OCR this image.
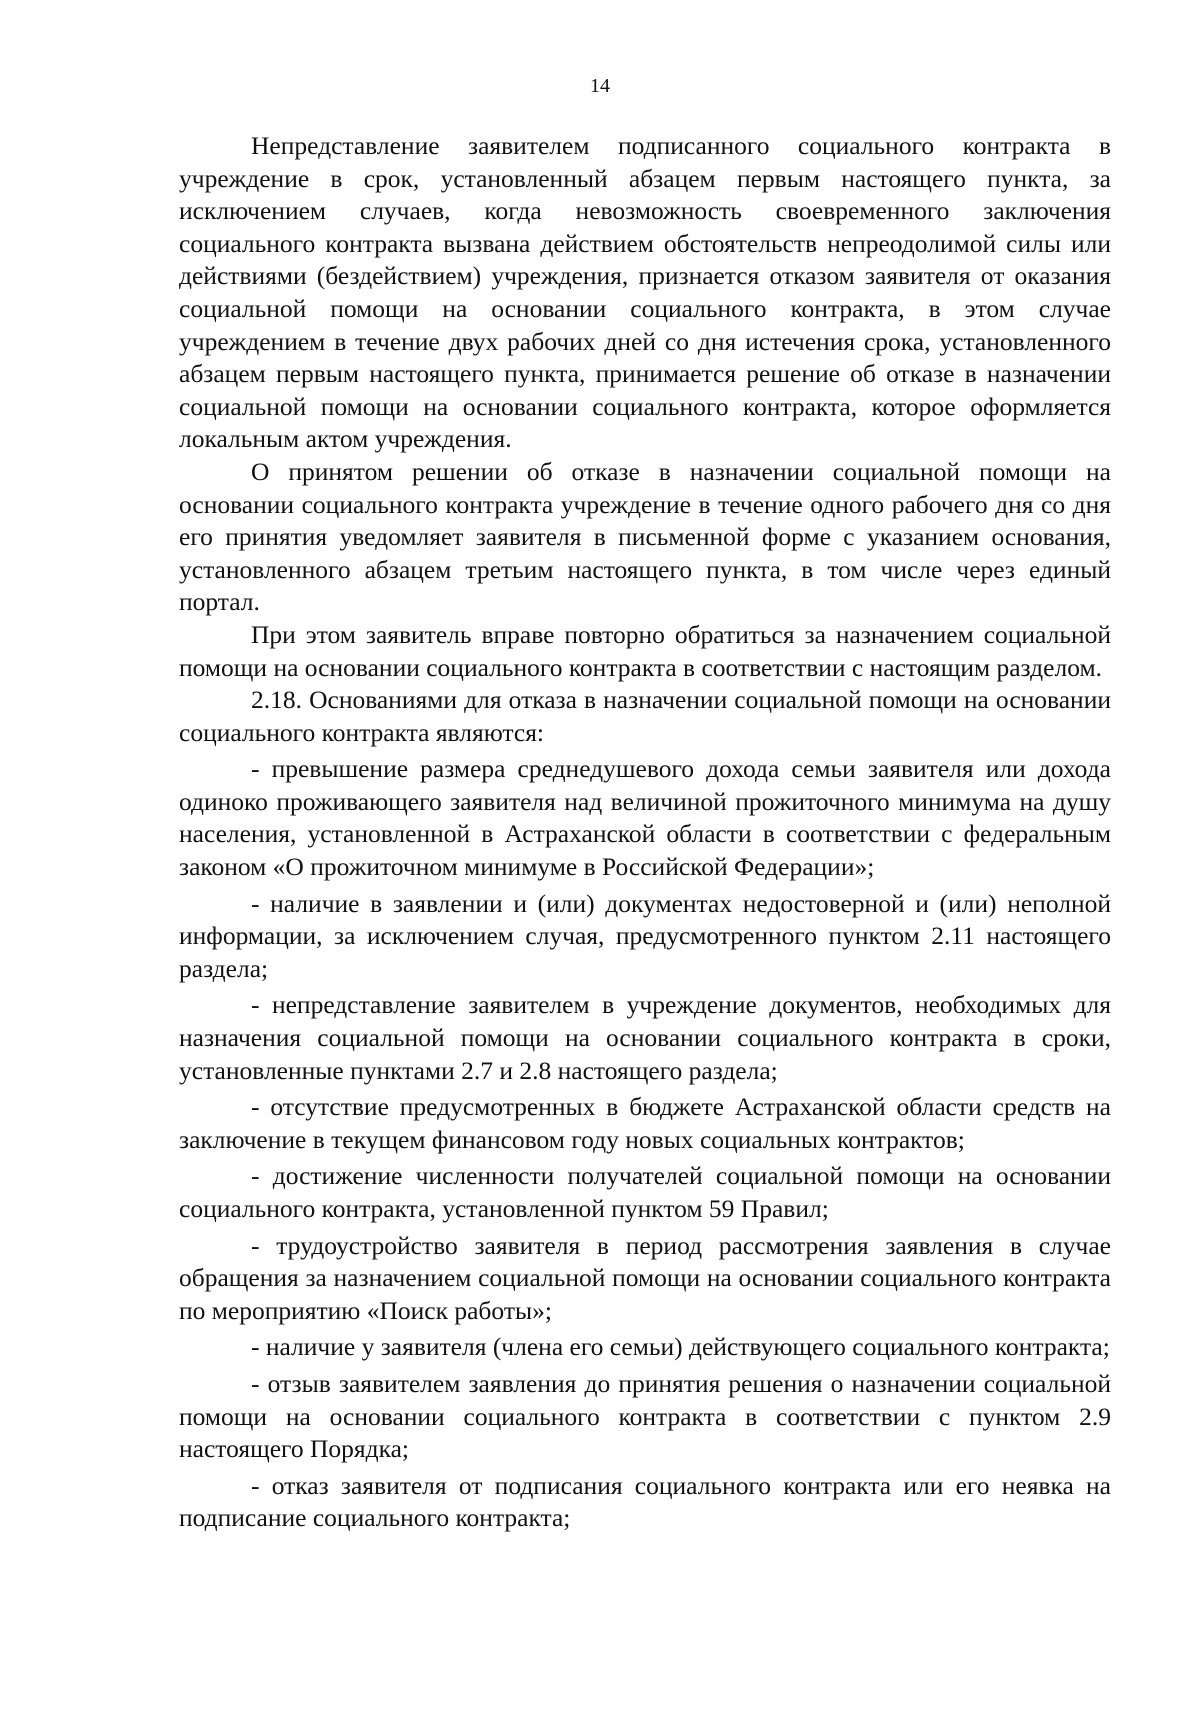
14

Непредставление заявителем подписанного социального контракта в учреждение в срок, установленный абзацем первым настоящего пункта, за исключением случаев, когда невозможность своевременного заключения социального контракта вызвана действием обстоятельств непреодолимой силы или действиями (бездействием) учреждения, признается отказом заявителя от оказания социальной помощи на основании социального контракта, в этом случае учреждением в течение двух рабочих дней со дня истечения срока, установленного абзацем первым настоящего пункта, принимается решение об отказе в назначении социальной помощи на основании социального контракта, которое оформляется локальным актом учреждения.

О принятом решении об отказе в назначении социальной помощи на основании социального контракта учреждение в течение одного рабочего дня со дня его принятия уведомляет заявителя в письменной форме с указанием основания, установленного абзацем третьим настоящего пункта, в том числе через единый портал.

При этом заявитель вправе повторно обратиться за назначением социальной помощи на основании социального контракта в соответствии с настоящим разделом.

2.18. Основаниями для отказа в назначении социальной помощи на основании социального контракта являются:

- превышение размера среднедушевого дохода семьи заявителя или дохода одиноко проживающего заявителя над величиной прожиточного минимума на душу населения, установленной в Астраханской области в соответствии с федеральным законом «О прожиточном минимуме в Российской Федерации»;

- наличие в заявлении и (или) документах недостоверной и (или) неполной информации, за исключением случая, предусмотренного пунктом 2.11 настоящего раздела;

- непредставление заявителем в учреждение документов, необходимых для назначения социальной помощи на основании социального контракта в сроки, установленные пунктами 2.7 и 2.8 настоящего раздела;

- отсутствие предусмотренных в бюджете Астраханской области средств на заключение в текущем финансовом году новых социальных контрактов;

- достижение численности получателей социальной помощи на основании социального контракта, установленной пунктом 59 Правил;

- трудоустройство заявителя в период рассмотрения заявления в случае обращения за назначением социальной помощи на основании социального контракта по мероприятию «Поиск работы»;

- наличие у заявителя (члена его семьи) действующего социального контракта;

- отзыв заявителем заявления до принятия решения о назначении социальной помощи на основании социального контракта в соответствии с пунктом 2.9 настоящего Порядка;

- отказ заявителя от подписания социального контракта или его неявка на подписание социального контракта;
